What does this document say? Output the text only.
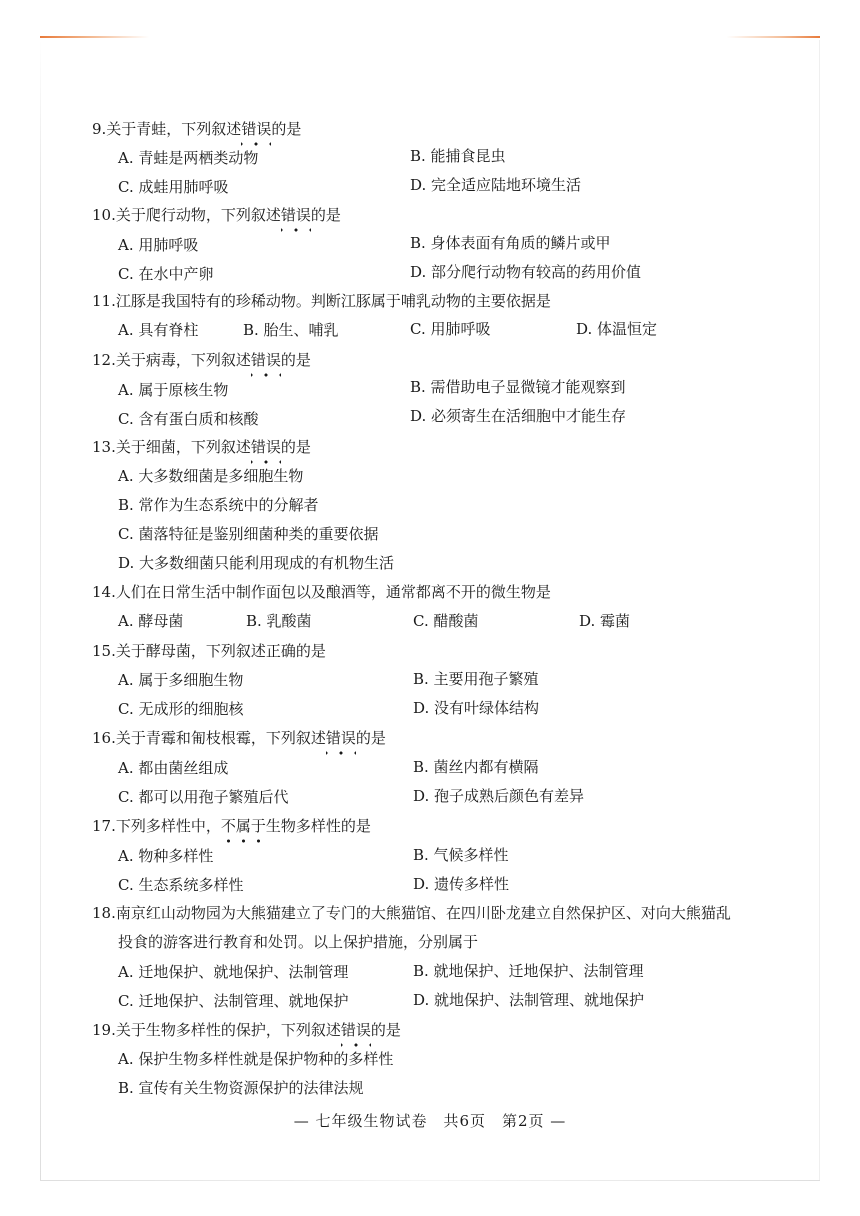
9.关于青蛙，下列叙述错误
的是
A. 青蛙是两栖类动物	B. 能捕食昆虫
C. 成蛙用肺呼吸	D. 完全适应陆地环境生活
10.关于爬行动物，下列叙述错误
的是
A. 用肺呼吸	B. 身体表面有角质的鳞片或甲
C. 在水中产卵	D. 部分爬行动物有较高的药用价值
11.江豚是我国特有的珍稀动物。判断江豚属于哺乳动物的主要依据是
A. 具有脊柱	B. 胎生、哺乳	C. 用肺呼吸	D. 体温恒定
12.关于病毒，下列叙述错误
的是
A. 属于原核生物	B. 需借助电子显微镜才能观察到
C. 含有蛋白质和核酸	D. 必须寄生在活细胞中才能生存
13.关于细菌，下列叙述错误
的是
A. 大多数细菌是多细胞生物
B. 常作为生态系统中的分解者
C. 菌落特征是鉴别细菌种类的重要依据
D. 大多数细菌只能利用现成的有机物生活
14.人们在日常生活中制作面包以及酿酒等，通常都离不开的微生物是
A. 酵母菌	B. 乳酸菌	C. 醋酸菌	D. 霉菌
15.关于酵母菌，下列叙述正确的是
A. 属于多细胞生物	B. 主要用孢子繁殖
C. 无成形的细胞核	D. 没有叶绿体结构
16.关于青霉和匍枝根霉，下列叙述错误
的是
A. 都由菌丝组成	B. 菌丝内都有横隔
C. 都可以用孢子繁殖后代	D. 孢子成熟后颜色有差异
17.下列多样性中，不属于
生物多样性的是
A. 物种多样性	B. 气候多样性
C. 生态系统多样性	D. 遗传多样性
18.南京红山动物园为大熊猫建立了专门的大熊猫馆、在四川卧龙建立自然保护区、对向大熊猫乱
投食的游客进行教育和处罚。以上保护措施，分别属于
A. 迁地保护、就地保护、法制管理	B. 就地保护、迁地保护、法制管理
C. 迁地保护、法制管理、就地保护	D. 就地保护、法制管理、就地保护
19.关于生物多样性的保护，下列叙述错误
的是
A. 保护生物多样性就是保护物种的多样性
B. 宣传有关生物资源保护的法律法规
— 七年级生物试卷　共6页　第2页 —
